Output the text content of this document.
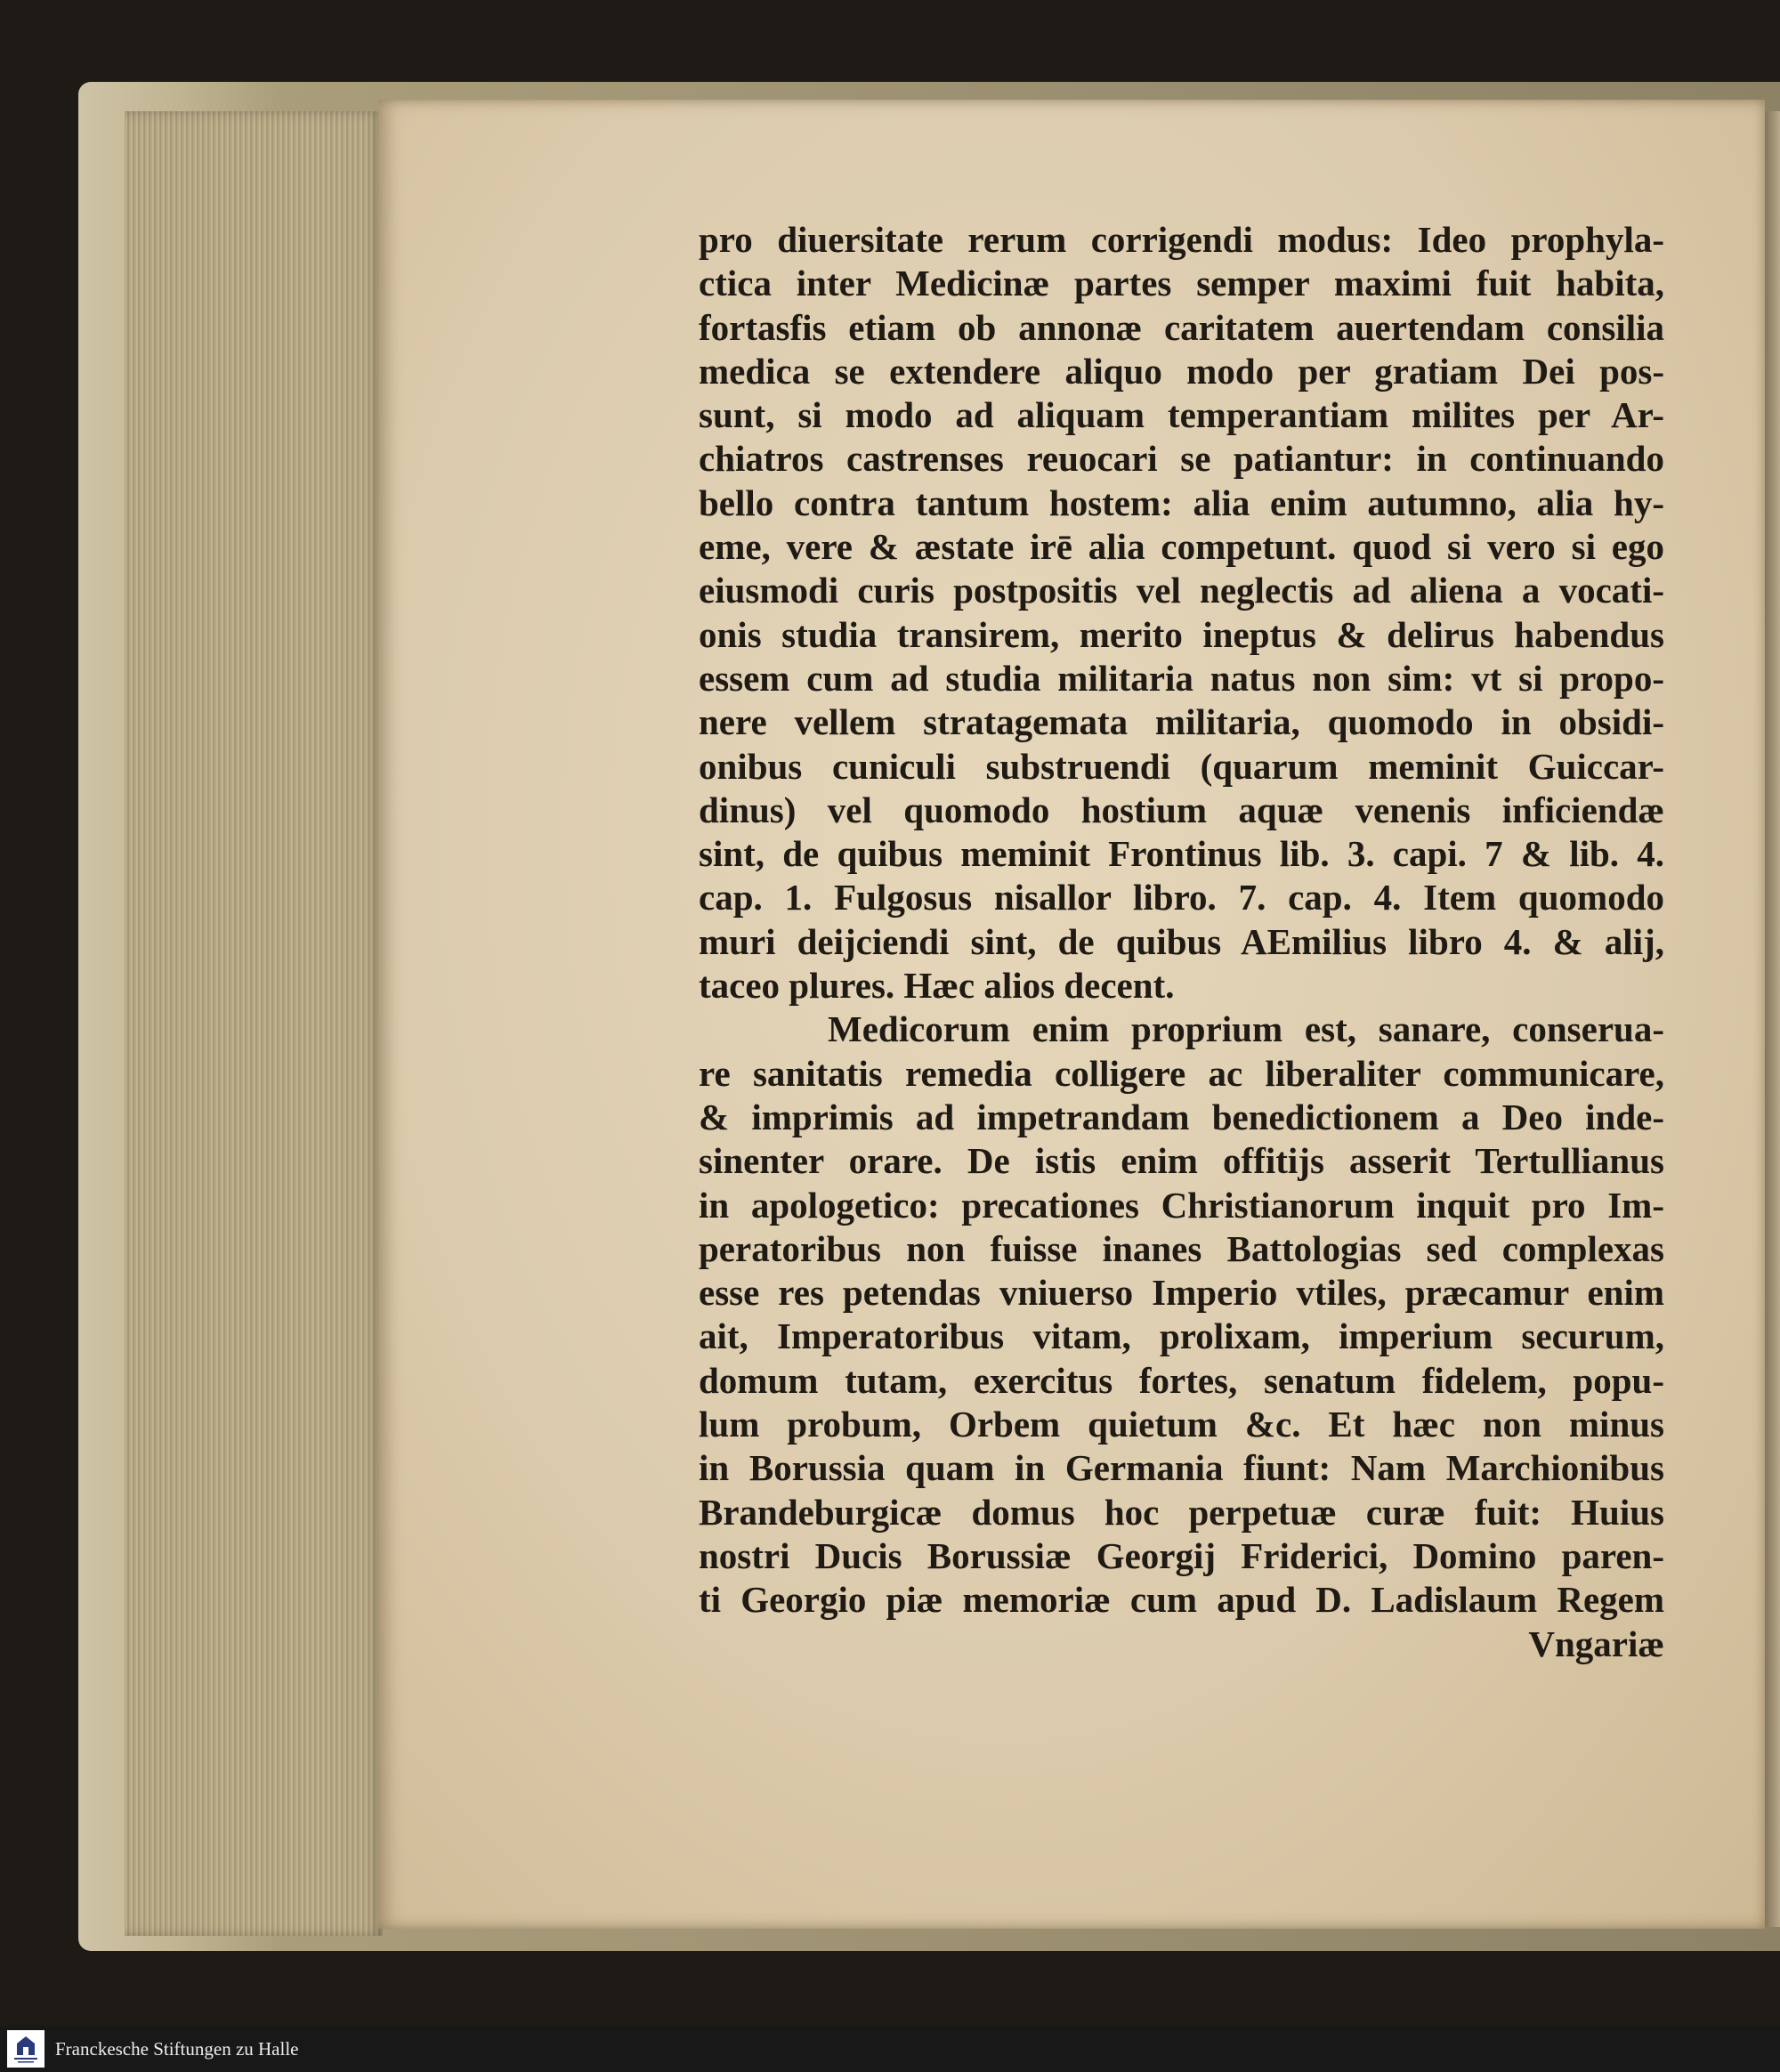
pro diuersitate rerum corrigendi modus: Ideo prophyla-
ctica inter Medicinæ partes semper maximi fuit habita,
fortasfis etiam ob annonæ caritatem auertendam consilia
medica se extendere aliquo modo per gratiam Dei pos-
sunt, si modo ad aliquam temperantiam milites per Ar-
chiatros castrenses reuocari se patiantur: in continuando
bello contra tantum hostem: alia enim autumno, alia hy-
eme, vere & æstate irē alia competunt. quod si vero si ego
eiusmodi curis postpositis vel neglectis ad aliena a vocati-
onis studia transirem, merito ineptus & delirus habendus
essem cum ad studia militaria natus non sim: vt si propo-
nere vellem stratagemata militaria, quomodo in obsidi-
onibus cuniculi substruendi (quarum meminit Guiccar-
dinus) vel quomodo hostium aquæ venenis inficiendæ
sint, de quibus meminit Frontinus lib. 3. capi. 7 & lib. 4.
cap. 1. Fulgosus nisallor libro. 7. cap. 4. Item quomodo
muri deijciendi sint, de quibus AEmilius libro 4. & alij,
taceo plures. Hæc alios decent.
Medicorum enim proprium est, sanare, conserua-
re sanitatis remedia colligere ac liberaliter communicare,
& imprimis ad impetrandam benedictionem a Deo inde-
sinenter orare. De istis enim offitijs asserit Tertullianus
in apologetico: precationes Christianorum inquit pro Im-
peratoribus non fuisse inanes Battologias sed complexas
esse res petendas vniuerso Imperio vtiles, præcamur enim
ait, Imperatoribus vitam, prolixam, imperium securum,
domum tutam, exercitus fortes, senatum fidelem, popu-
lum probum, Orbem quietum &c. Et hæc non minus
in Borussia quam in Germania fiunt: Nam Marchionibus
Brandeburgicæ domus hoc perpetuæ curæ fuit: Huius
nostri Ducis Borussiæ Georgij Friderici, Domino paren-
ti Georgio piæ memoriæ cum apud D. Ladislaum Regem
Vngariæ
Franckesche Stiftungen zu Halle
